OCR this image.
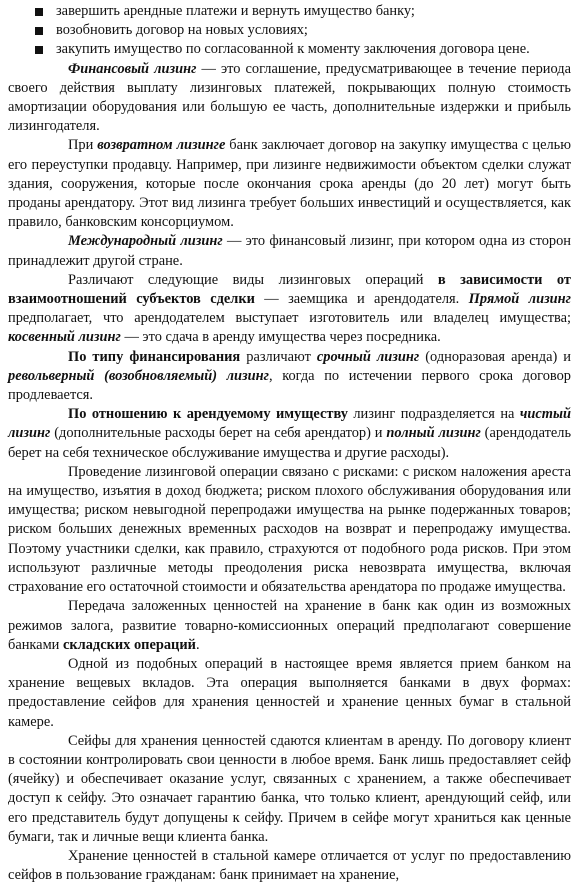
завершить арендные платежи и вернуть имущество банку;
возобновить договор на новых условиях;
закупить имущество по согласованной к моменту заключения договора цене.

Финансовый лизинг — это соглашение, предусматривающее в течение периода своего действия выплату лизинговых платежей, покрывающих полную стоимость амортизации оборудования или большую ее часть, дополнительные издержки и прибыль лизингодателя.

При возвратном лизинге банк заключает договор на закупку имущества с целью его переуступки продавцу. Например, при лизинге недвижимости объектом сделки служат здания, сооружения, которые после окончания срока аренды (до 20 лет) могут быть проданы арендатору. Этот вид лизинга требует больших инвестиций и осуществляется, как правило, банковским консорциумом.

Международный лизинг — это финансовый лизинг, при котором одна из сторон принадлежит другой стране.

Различают следующие виды лизинговых операций в зависимости от взаимоотношений субъектов сделки — заемщика и арендодателя. Прямой лизинг предполагает, что арендодателем выступает изготовитель или владелец имущества; косвенный лизинг — это сдача в аренду имущества через посредника.

По типу финансирования различают срочный лизинг (одноразовая аренда) и револьверный (возобновляемый) лизинг, когда по истечении первого срока договор продлевается.

По отношению к арендуемому имуществу лизинг подразделяется на чистый лизинг (дополнительные расходы берет на себя арендатор) и полный лизинг (арендодатель берет на себя техническое обслуживание имущества и другие расходы).

Проведение лизинговой операции связано с рисками: с риском наложения ареста на имущество, изъятия в доход бюджета; риском плохого обслуживания оборудования или имущества; риском невыгодной перепродажи имущества на рынке подержанных товаров; риском больших денежных временных расходов на возврат и перепродажу имущества. Поэтому участники сделки, как правило, страхуются от подобного рода рисков. При этом используют различные методы преодоления риска невозврата имущества, включая страхование его остаточной стоимости и обязательства арендатора по продаже имущества.

Передача заложенных ценностей на хранение в банк как один из возможных режимов залога, развитие товарно-комиссионных операций предполагают совершение банками складских операций.

Одной из подобных операций в настоящее время является прием банком на хранение вещевых вкладов. Эта операция выполняется банками в двух формах: предоставление сейфов для хранения ценностей и хранение ценных бумаг в стальной камере.

Сейфы для хранения ценностей сдаются клиентам в аренду. По договору клиент в состоянии контролировать свои ценности в любое время. Банк лишь предоставляет сейф (ячейку) и обеспечивает оказание услуг, связанных с хранением, а также обеспечивает доступ к сейфу. Это означает гарантию банка, что только клиент, арендующий сейф, или его представитель будут допущены к сейфу. Причем в сейфе могут храниться как ценные бумаги, так и личные вещи клиента банка.

Хранение ценностей в стальной камере отличается от услуг по предоставлению сейфов в пользование гражданам: банк принимает на хранение,
